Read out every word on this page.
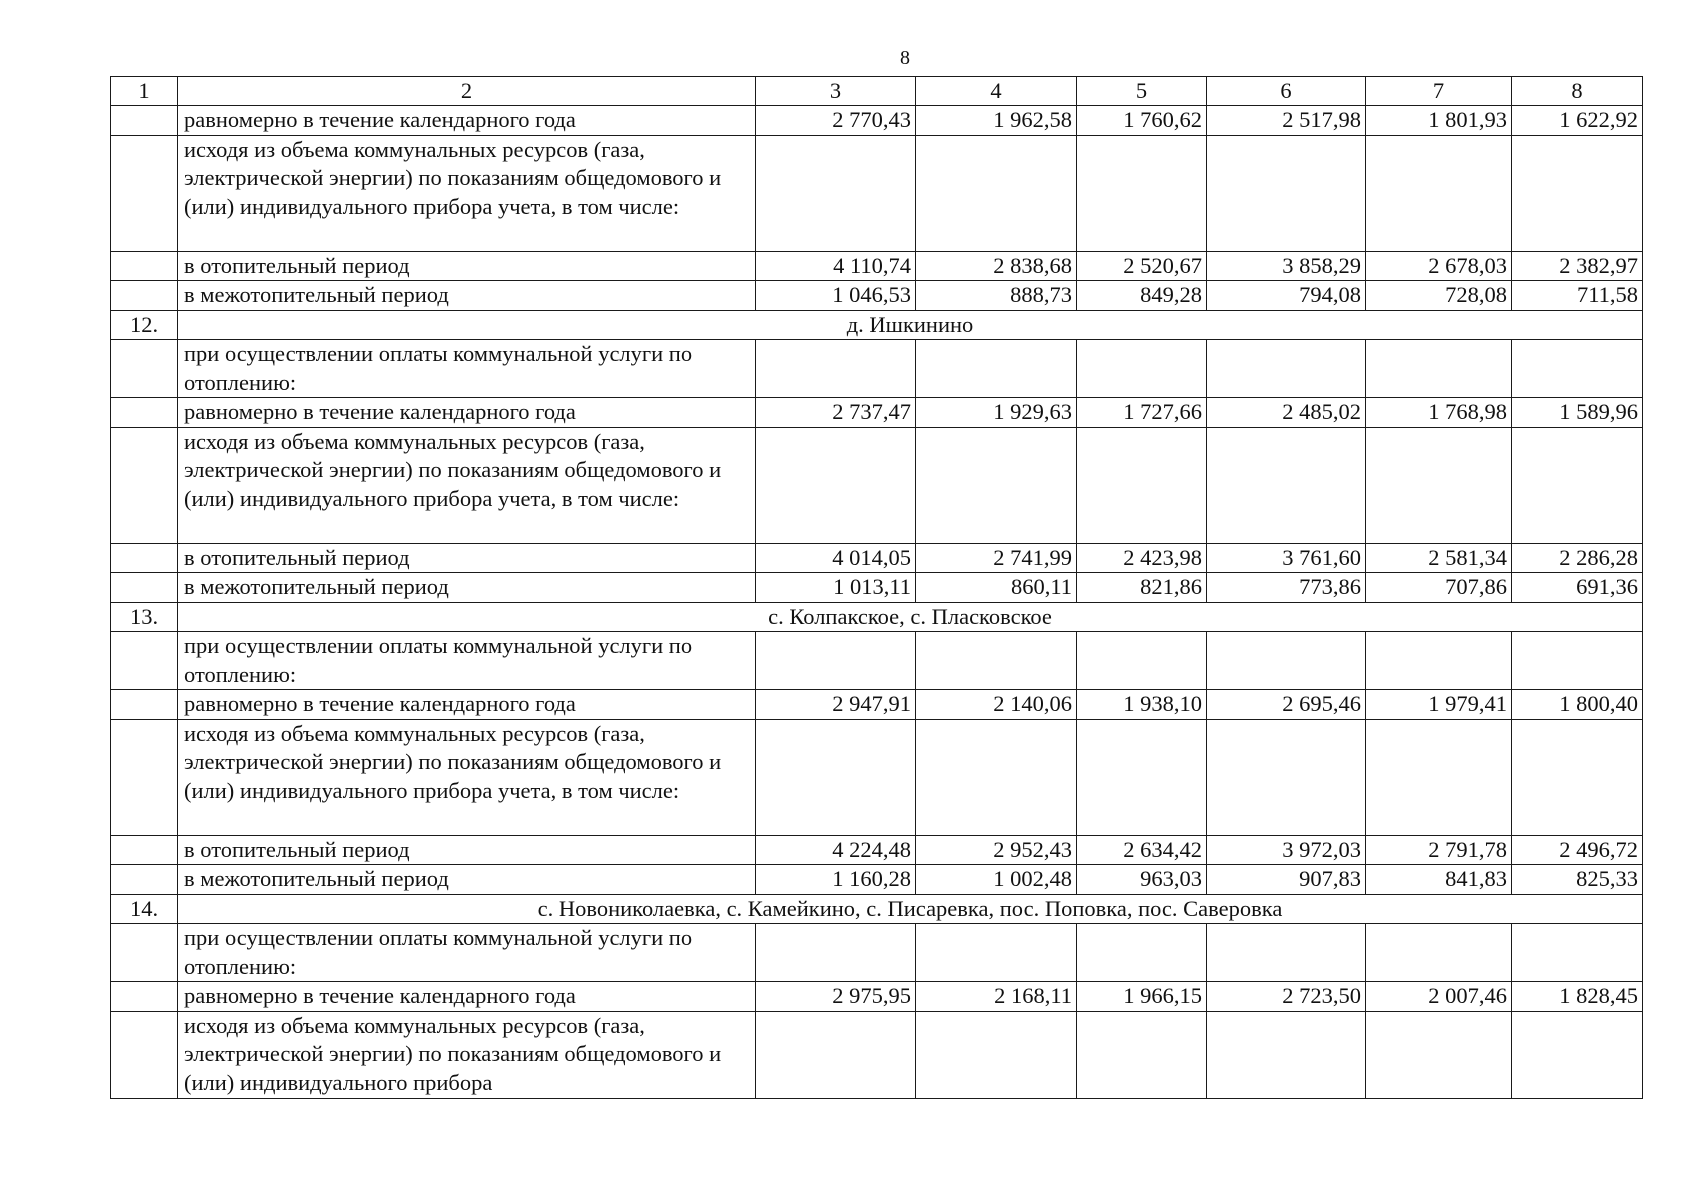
8
1	2	3	4	5	6	7	8
	равномерно в течение календарного года	2 770,43	1 962,58	1 760,62	2 517,98	1 801,93	1 622,92
	исходя из объема коммунальных ресурсов (газа, электрической энергии) по показаниям общедомового и (или) индивидуального прибора учета, в том числе:						
	в отопительный период	4 110,74	2 838,68	2 520,67	3 858,29	2 678,03	2 382,97
	в межотопительный период	1 046,53	888,73	849,28	794,08	728,08	711,58
12.	д. Ишкинино						
	при осуществлении оплаты коммунальной услуги по отоплению:						
	равномерно в течение календарного года	2 737,47	1 929,63	1 727,66	2 485,02	1 768,98	1 589,96
	исходя из объема коммунальных ресурсов (газа, электрической энергии) по показаниям общедомового и (или) индивидуального прибора учета, в том числе:						
	в отопительный период	4 014,05	2 741,99	2 423,98	3 761,60	2 581,34	2 286,28
	в межотопительный период	1 013,11	860,11	821,86	773,86	707,86	691,36
13.	с. Колпакское, с. Пласковское						
	при осуществлении оплаты коммунальной услуги по отоплению:						
	равномерно в течение календарного года	2 947,91	2 140,06	1 938,10	2 695,46	1 979,41	1 800,40
	исходя из объема коммунальных ресурсов (газа, электрической энергии) по показаниям общедомового и (или) индивидуального прибора учета, в том числе:						
	в отопительный период	4 224,48	2 952,43	2 634,42	3 972,03	2 791,78	2 496,72
	в межотопительный период	1 160,28	1 002,48	963,03	907,83	841,83	825,33
14.	с. Новониколаевка, с. Камейкино, с. Писаревка, пос. Поповка, пос. Саверовка						
	при осуществлении оплаты коммунальной услуги по отоплению:						
	равномерно в течение календарного года	2 975,95	2 168,11	1 966,15	2 723,50	2 007,46	1 828,45
	исходя из объема коммунальных ресурсов (газа, электрической энергии) по показаниям общедомового и (или) индивидуального прибора						
